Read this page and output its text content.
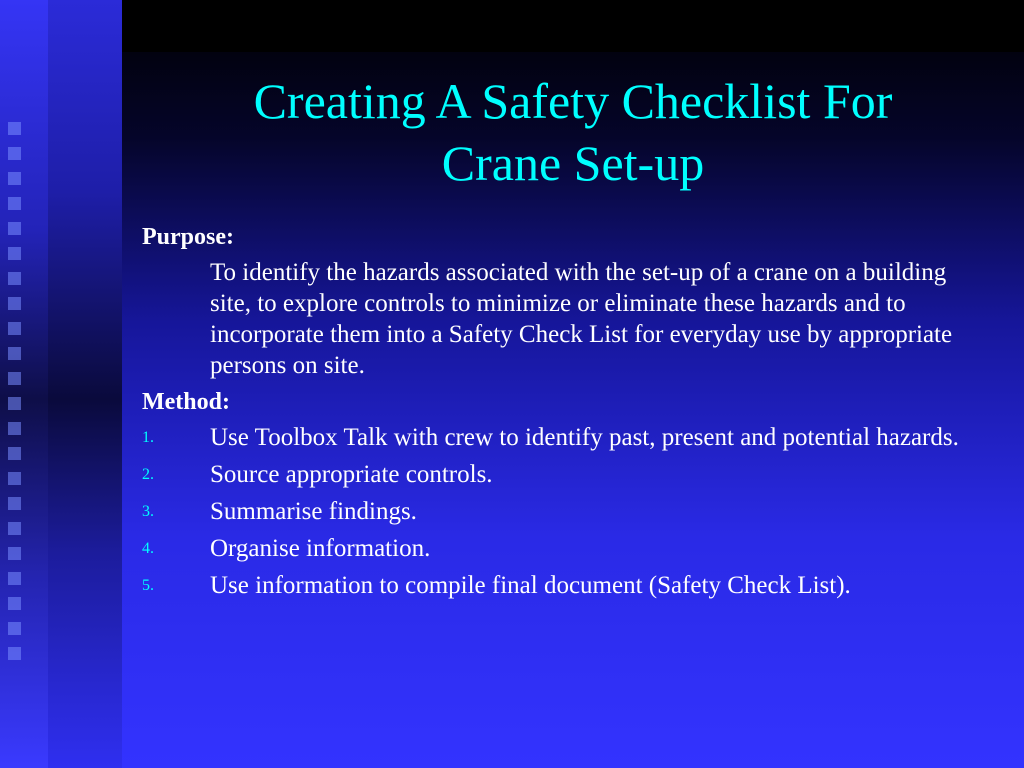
Creating A Safety Checklist For
Crane Set-up
Purpose:
To identify the hazards associated with the set-up of a crane on a building site, to explore controls to minimize or eliminate these hazards and to incorporate them into a Safety Check List for everyday use by appropriate persons on site.
Method:
1. Use Toolbox Talk with crew to identify past, present and potential hazards.
2. Source appropriate controls.
3. Summarise findings.
4. Organise information.
5. Use information to compile final document (Safety Check List).
